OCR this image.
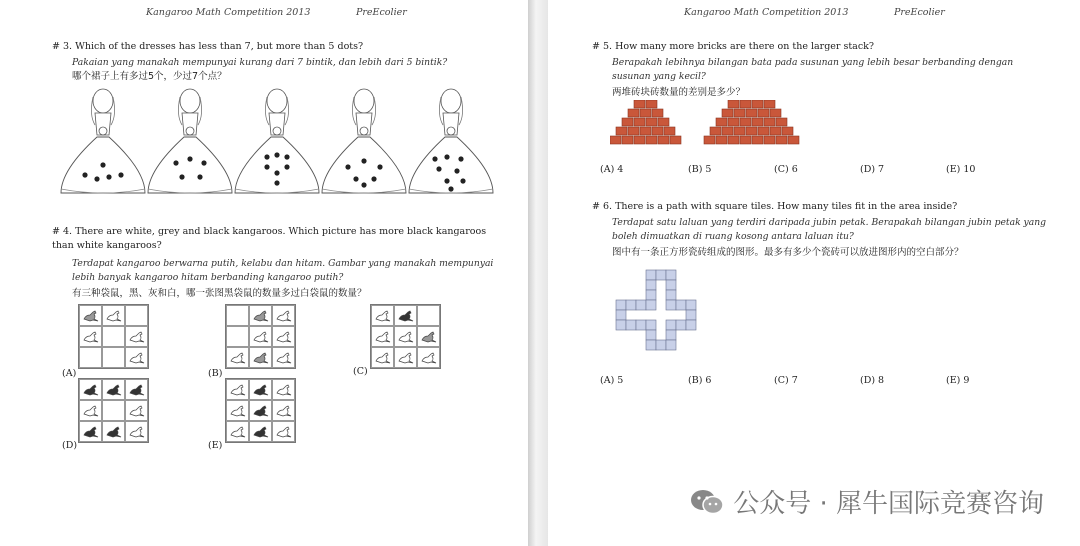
Kangaroo Math Competition 2013	PreEcolier
# 3. Which of the dresses has less than 7, but more than 5 dots?
Pakaian yang manakah mempunyai kurang dari 7 bintik, dan lebih dari 5 bintik?
哪个裙子上有多过5个，少过7个点？
# 4. There are white, grey and black kangaroos. Which picture has more black kangaroos than white kangaroos?
Terdapat kangaroo berwarna putih, kelabu dan hitam. Gambar yang manakah mempunyai lebih banyak kangaroo hitam berbanding kangaroo putih?
有三种袋鼠，黑、灰和白，哪一张图黑袋鼠的数量多过白袋鼠的数量？
(A)	(B)	(C)
(D)	(E)
Kangaroo Math Competition 2013	PreEcolier
# 5. How many more bricks are there on the larger stack?
Berapakah lebihnya bilangan bata pada susunan yang lebih besar berbanding dengan susunan yang kecil?
两堆砖块砖数量的差别是多少？
(A) 4	(B) 5	(C) 6	(D) 7	(E) 10
# 6. There is a path with square tiles. How many tiles fit in the area inside?
Terdapat satu laluan yang terdiri daripada jubin petak. Berapakah bilangan jubin petak yang boleh dimuatkan di ruang kosong antara laluan itu?
图中有一条正方形瓷砖组成的图形。最多有多少个瓷砖可以放进图形内的空白部分？
(A) 5	(B) 6	(C) 7	(D) 8	(E) 9
公众号 · 犀牛国际竞赛咨询
